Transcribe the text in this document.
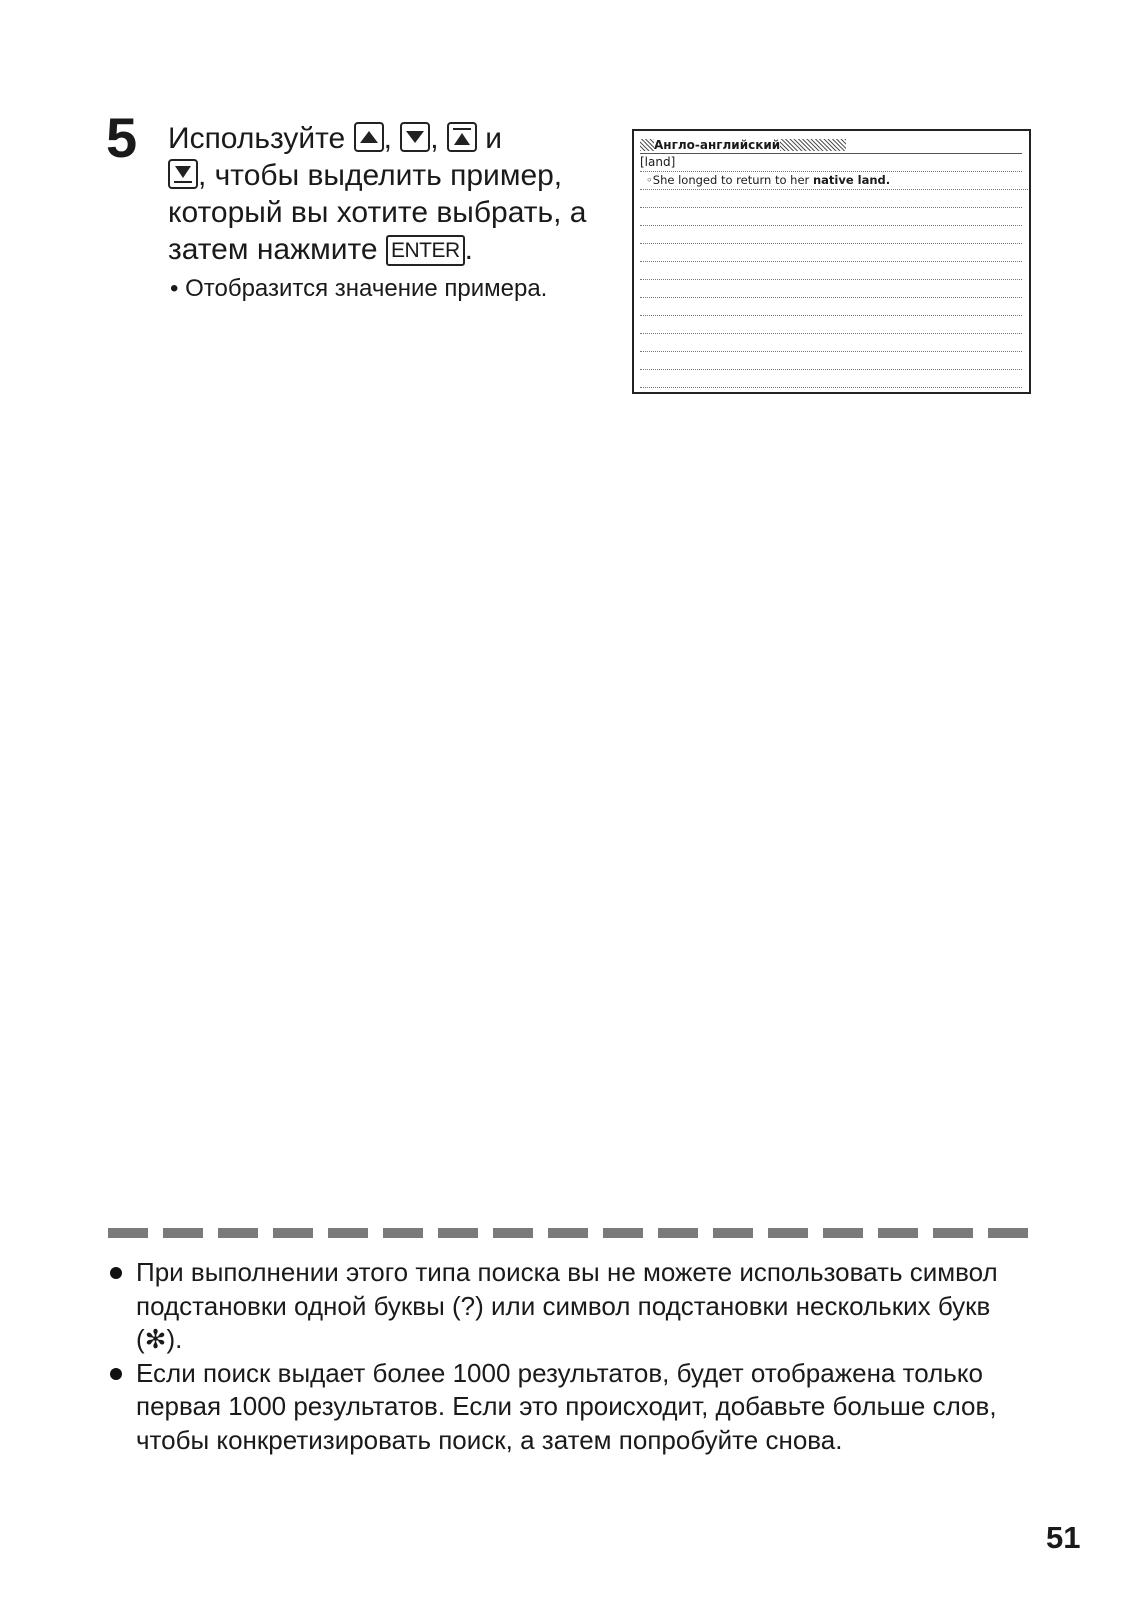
5 Используйте , , и
, чтобы выделить пример,
который вы хотите выбрать, а
затем нажмите ENTER .
• Отобразится значение примера.
Англо-английский
[land]
◦She longed to return to her native land.
При выполнении этого типа поиска вы не можете использовать символ подстановки одной буквы (?) или символ подстановки нескольких букв (✻).
Если поиск выдает более 1000 результатов, будет отображена только первая 1000 результатов. Если это происходит, добавьте больше слов, чтобы конкретизировать поиск, а затем попробуйте снова.
51
